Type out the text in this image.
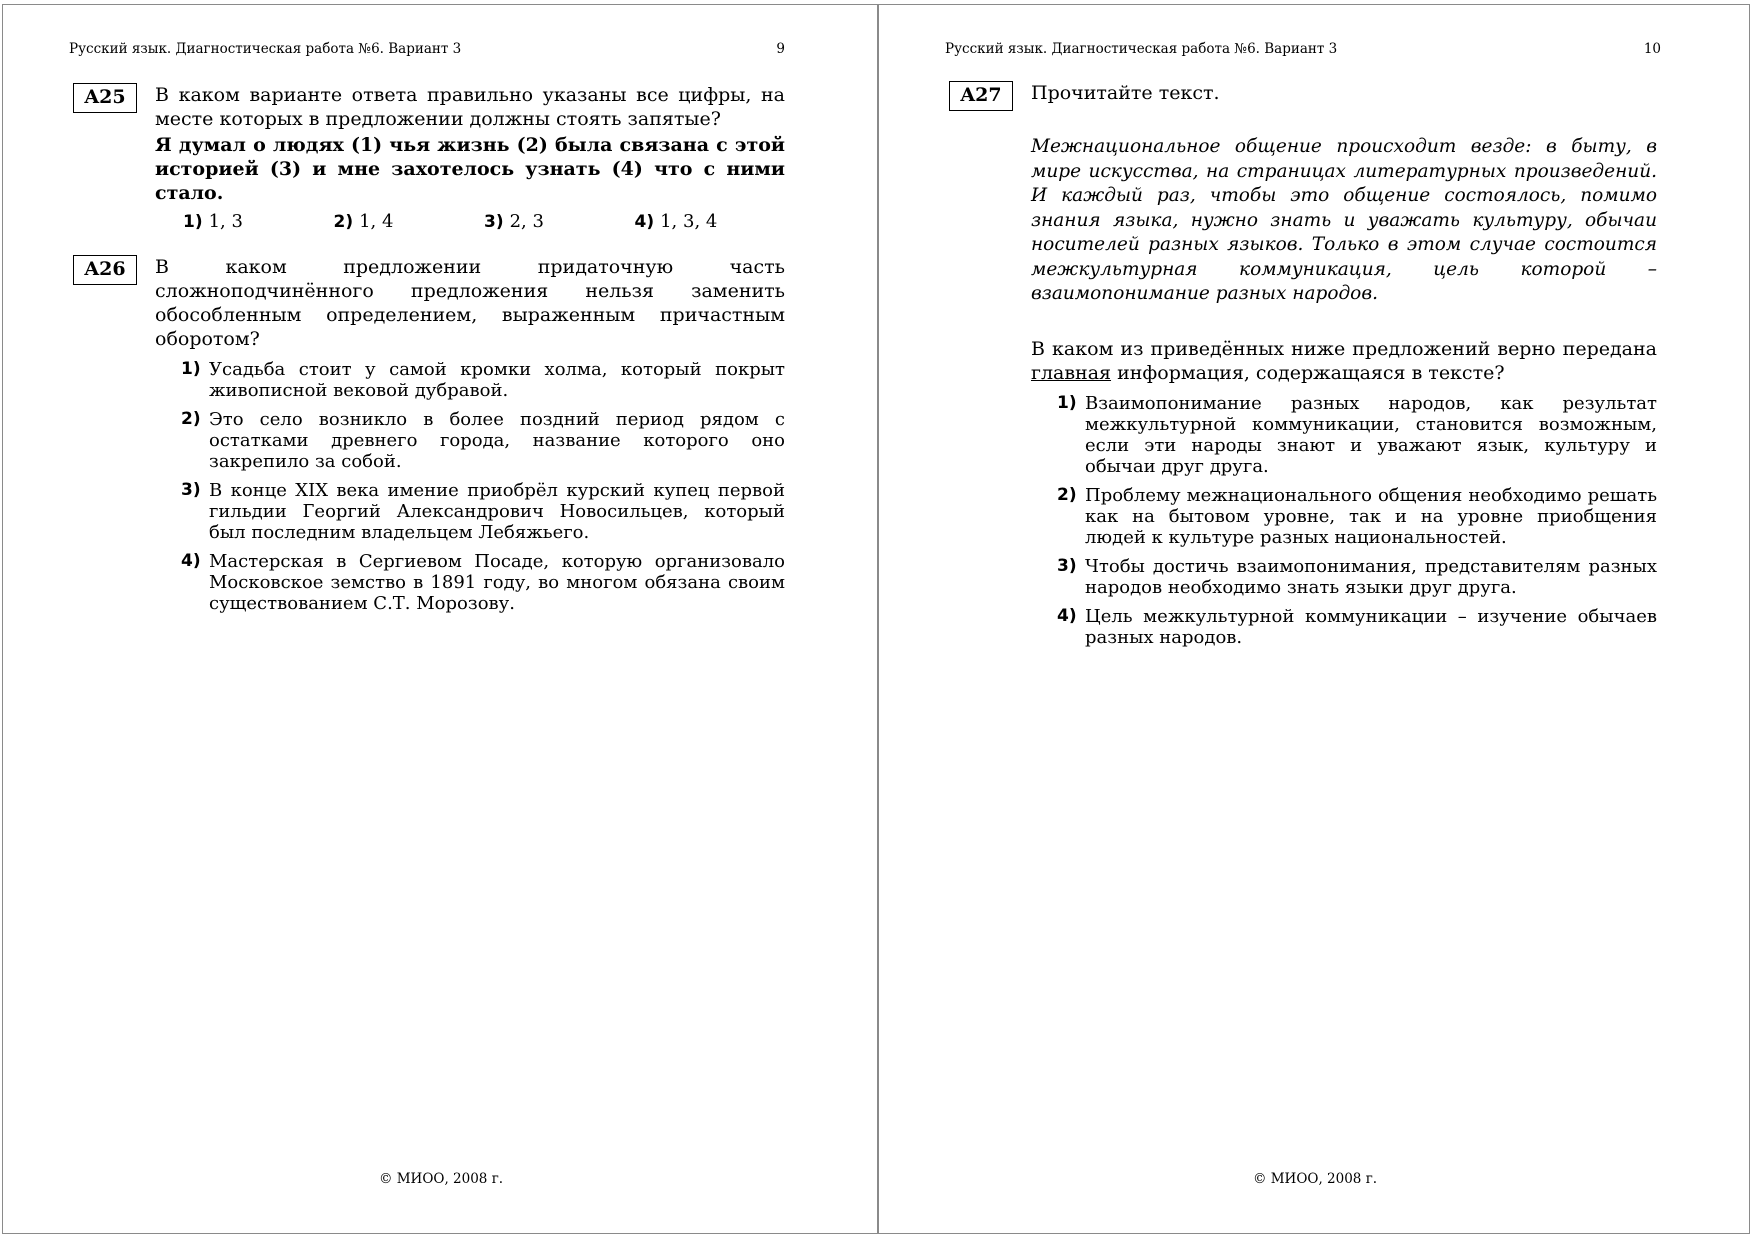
Русский язык. Диагностическая работа №6. Вариант 3	9
A25	В каком варианте ответа правильно указаны все цифры, на месте которых в предложении должны стоять запятые?

Я думал о людях (1) чья жизнь (2) была связана с этой историей (3) и мне захотелось узнать (4) что с ними стало.

1) 1, 3	2) 1, 4	3) 2, 3	4) 1, 3, 4
A26	В каком предложении придаточную часть сложноподчинённого предложения нельзя заменить обособленным определением, выраженным причастным оборотом?

1) Усадьба стоит у самой кромки холма, который покрыт живописной вековой дубравой.
2) Это село возникло в более поздний период рядом с остатками древнего города, название которого оно закрепило за собой.
3) В конце XIX века имение приобрёл курский купец первой гильдии Георгий Александрович Новосильцев, который был последним владельцем Лебяжьего.
4) Мастерская в Сергиевом Посаде, которую организовало Московское земство в 1891 году, во многом обязана своим существованием С.Т. Морозову.
© МИОО, 2008 г.
Русский язык. Диагностическая работа №6. Вариант 3	10
A27	Прочитайте текст.

Межнациональное общение происходит везде: в быту, в мире искусства, на страницах литературных произведений. И каждый раз, чтобы это общение состоялось, помимо знания языка, нужно знать и уважать культуру, обычаи носителей разных языков. Только в этом случае состоится межкультурная коммуникация, цель которой – взаимопонимание разных народов.

В каком из приведённых ниже предложений верно передана главная информация, содержащаяся в тексте?

1) Взаимопонимание разных народов, как результат межкультурной коммуникации, становится возможным, если эти народы знают и уважают язык, культуру и обычаи друг друга.
2) Проблему межнационального общения необходимо решать как на бытовом уровне, так и на уровне приобщения людей к культуре разных национальностей.
3) Чтобы достичь взаимопонимания, представителям разных народов необходимо знать языки друг друга.
4) Цель межкультурной коммуникации – изучение обычаев разных народов.
© МИОО, 2008 г.
